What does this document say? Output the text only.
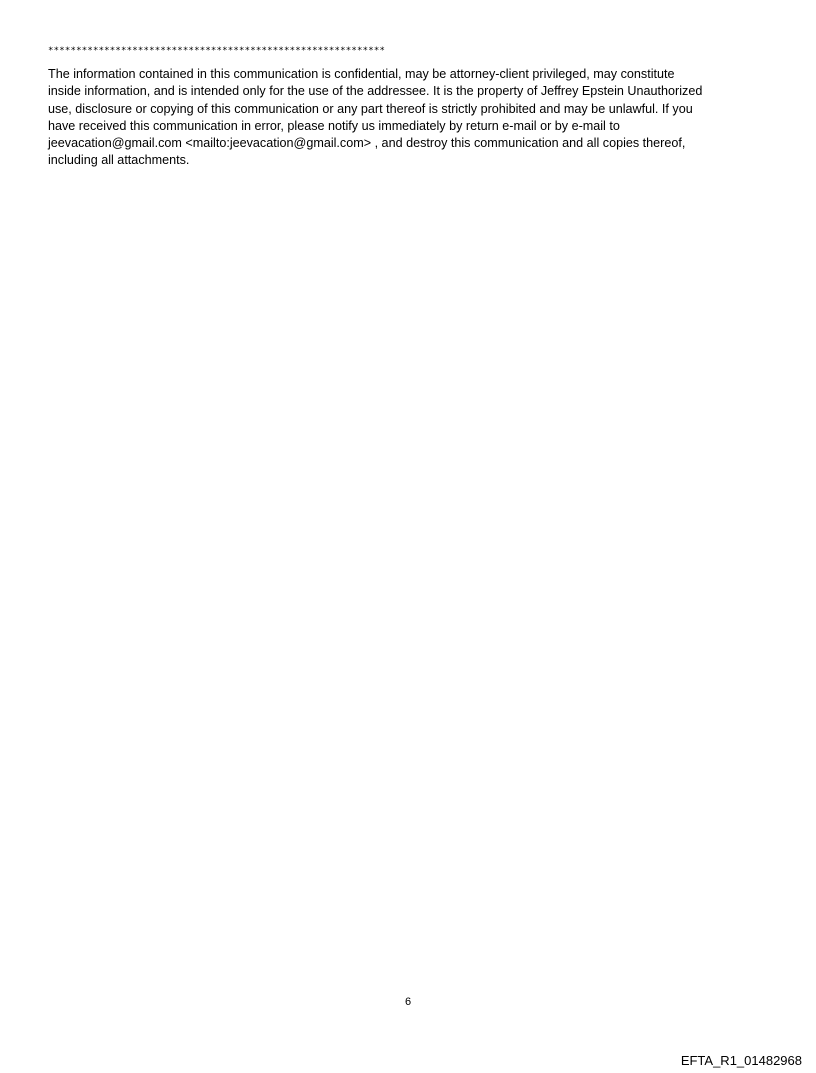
************************************************************
The information contained in this communication is confidential, may be attorney-client privileged, may constitute
inside information, and is intended only for the use of the addressee. It is the property of Jeffrey Epstein Unauthorized
use, disclosure or copying of this communication or any part thereof is strictly prohibited and may be unlawful. If you
have received this communication in error, please notify us immediately by return e-mail or by e-mail to
jeevacation@gmail.com <mailto:jeevacation@gmail.com> , and destroy this communication and all copies thereof,
including all attachments.
6
EFTA_R1_01482968
